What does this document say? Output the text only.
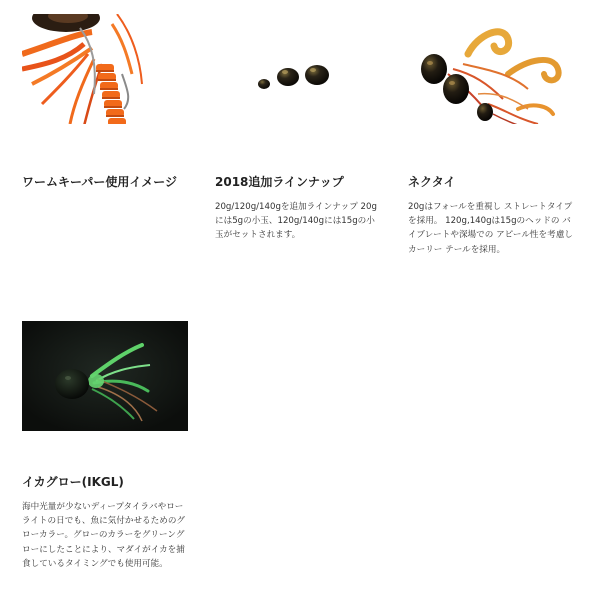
ワームキーパー使用イメージ	2018追加ラインナップ
20g/120g/140gを追加ラインナップ 20gには5gの小玉、120g/140gには15gの小玉がセットされます。
ネクタイ
20gはフォールを重視し ストレートタイプを採用。 120g,140gは15gのヘッドの バイブレートや深場での アピール性を考慮しカーリー テールを採用。
イカグロー(IKGL)
海中光量が少ないディープタイラバやローライトの日でも、魚に気付かせるためのグローカラー。グローのカラーをグリーングローにしたことにより、マダイがイカを捕食しているタイミングでも使用可能。
